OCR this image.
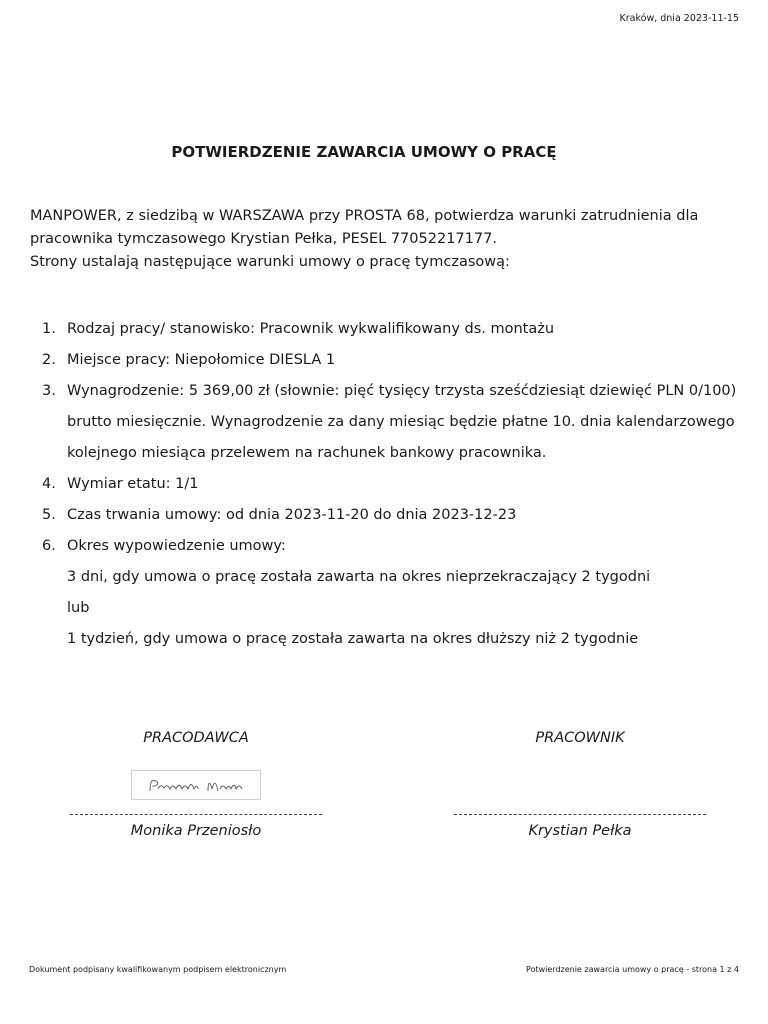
Kraków, dnia 2023-11-15
POTWIERDZENIE ZAWARCIA UMOWY O PRACĘ
MANPOWER, z siedzibą w WARSZAWA przy PROSTA 68, potwierdza warunki zatrudnienia dla
pracownika tymczasowego Krystian Pełka, PESEL 77052217177.
Strony ustalają następujące warunki umowy o pracę tymczasową:
1. Rodzaj pracy/ stanowisko: Pracownik wykwalifikowany ds. montażu
2. Miejsce pracy: Niepołomice DIESLA 1
3. Wynagrodzenie: 5 369,00 zł (słownie: pięć tysięcy trzysta sześćdziesiąt dziewięć PLN 0/100)
brutto miesięcznie. Wynagrodzenie za dany miesiąc będzie płatne 10. dnia kalendarzowego
kolejnego miesiąca przelewem na rachunek bankowy pracownika.
4. Wymiar etatu: 1/1
5. Czas trwania umowy: od dnia 2023-11-20 do dnia 2023-12-23
6. Okres wypowiedzenie umowy:
3 dni, gdy umowa o pracę została zawarta na okres nieprzekraczający 2 tygodni
lub
1 tydzień, gdy umowa o pracę została zawarta na okres dłuższy niż 2 tygodnie
PRACODAWCA
Monika Przeniosło
PRACOWNIK
Krystian Pełka
Dokument podpisany kwalifikowanym podpisem elektronicznym	Potwierdzenie zawarcia umowy o pracę - strona 1 z 4
